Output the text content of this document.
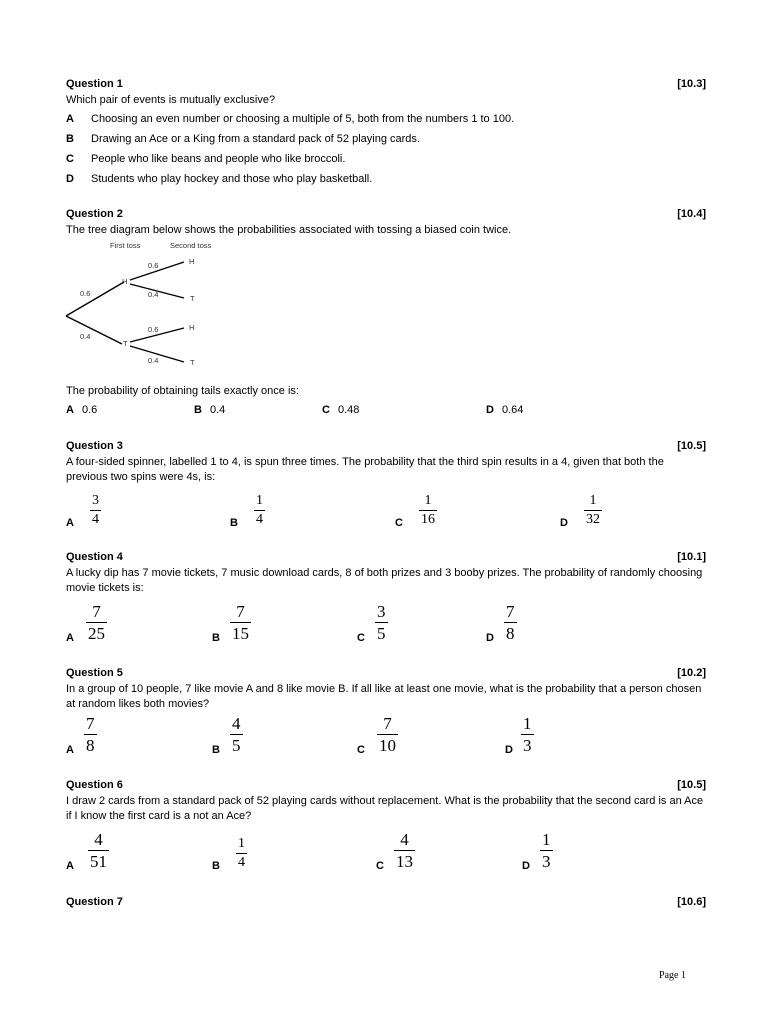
Question 1	[10.3]
Which pair of events is mutually exclusive?
A Choosing an even number or choosing a multiple of 5, both from the numbers 1 to 100.
B Drawing an Ace or a King from a standard pack of 52 playing cards.
C People who like beans and people who like broccoli.
D Students who play hockey and those who play basketball.
Question 2	[10.4]
The tree diagram below shows the probabilities associated with tossing a biased coin twice.
First toss	Second toss
0.6
0.4
H
T
0.6
0.4
H
T
0.6
0.4
H
T
The probability of obtaining tails exactly once is:
A 0.6	B 0.4	C 0.48	D 0.64
Question 3	[10.5]
A four-sided spinner, labelled 1 to 4, is spun three times. The probability that the third spin results in a 4, given that both the previous two spins were 4s, is:
A
3
4	B
1
4	C
1
16	D
1
32
Question 4	[10.1]
A lucky dip has 7 movie tickets, 7 music download cards, 8 of both prizes and 3 booby prizes. The probability of randomly choosing movie tickets is:
A
7
25	B
7
15	C
3
5	D
7
8
Question 5	[10.2]
In a group of 10 people, 7 like movie A and 8 like movie B. If all like at least one movie, what is the probability that a person chosen at random likes both movies?
A
7
8	B
4
5	C
7
10	D
1
3
Question 6	[10.5]
I draw 2 cards from a standard pack of 52 playing cards without replacement. What is the probability that the second card is an Ace if I know the first card is a not an Ace?
A
4
51	B
1
4	C
4
13	D
1
3
Question 7	[10.6]
Page 1
